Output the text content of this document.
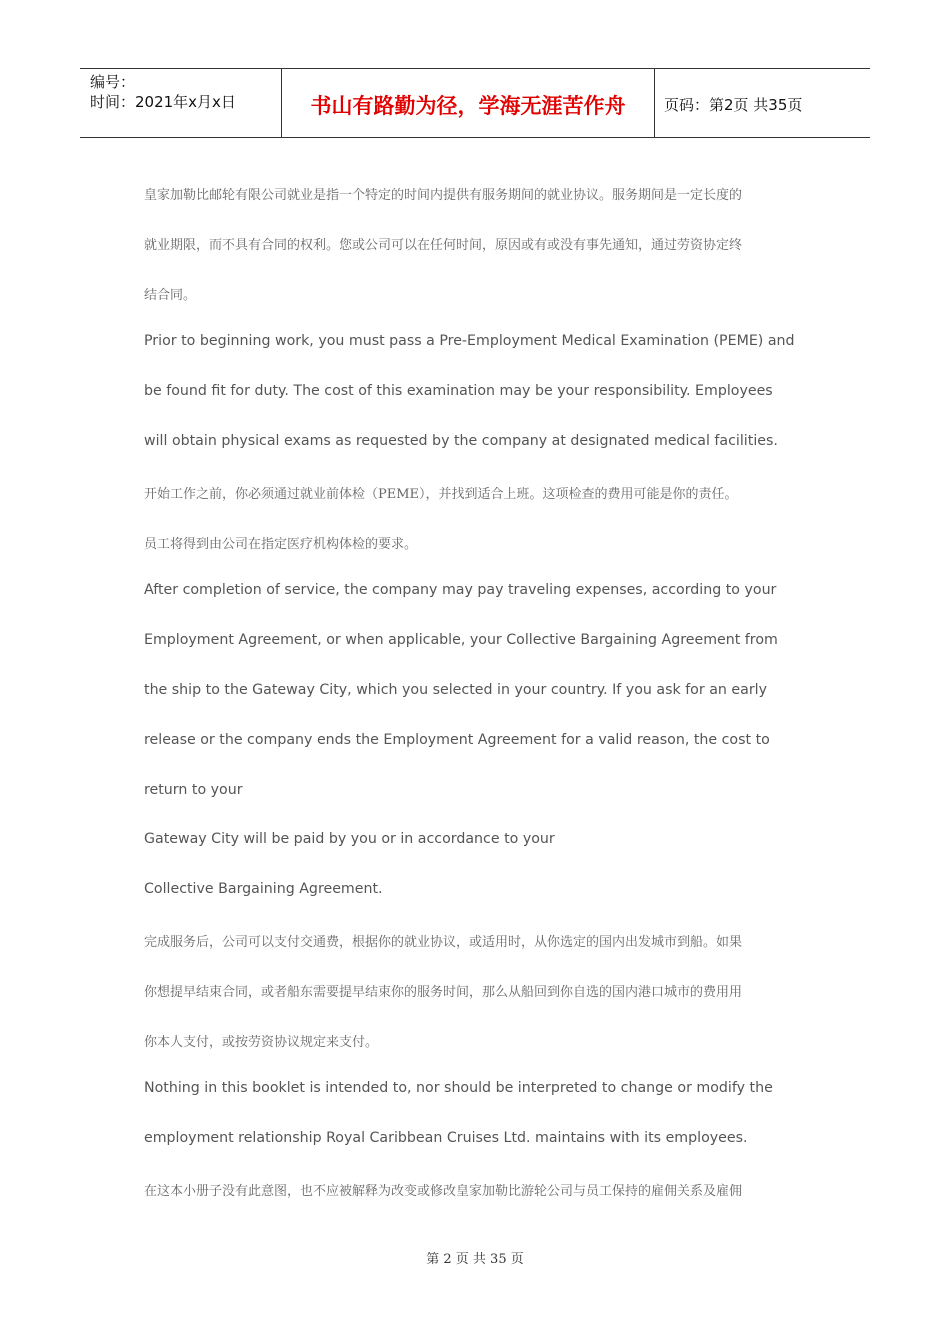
编号：
时间：2021年x月x日	书山有路勤为径，学海无涯苦作舟	页码：第2页 共35页
皇家加勒比邮轮有限公司就业是指一个特定的时间内提供有服务期间的就业协议。服务期间是一定长度的
就业期限，而不具有合同的权利。您或公司可以在任何时间，原因或有或没有事先通知，通过劳资协定终
结合同。
Prior to beginning work, you must pass a Pre-Employment Medical Examination (PEME) and
be found fit for duty. The cost of this examination may be your responsibility. Employees
will obtain physical exams as requested by the company at designated medical facilities.
开始工作之前，你必须通过就业前体检（PEME），并找到适合上班。这项检查的费用可能是你的责任。
员工将得到由公司在指定医疗机构体检的要求。
After completion of service, the company may pay traveling expenses, according to your
Employment Agreement, or when applicable, your Collective Bargaining Agreement from
the ship to the Gateway City, which you selected in your country. If you ask for an early
release or the company ends the Employment Agreement for a valid reason, the cost to
return to your
Gateway City will be paid by you or in accordance to your
Collective Bargaining Agreement.
完成服务后，公司可以支付交通费，根据你的就业协议，或适用时，从你选定的国内出发城市到船。如果
你想提早结束合同，或者船东需要提早结束你的服务时间，那么从船回到你自选的国内港口城市的费用用
你本人支付，或按劳资协议规定来支付。
Nothing in this booklet is intended to, nor should be interpreted to change or modify the
employment relationship Royal Caribbean Cruises Ltd. maintains with its employees.
在这本小册子没有此意图，也不应被解释为改变或修改皇家加勒比游轮公司与员工保持的雇佣关系及雇佣
第 2 页 共 35 页
